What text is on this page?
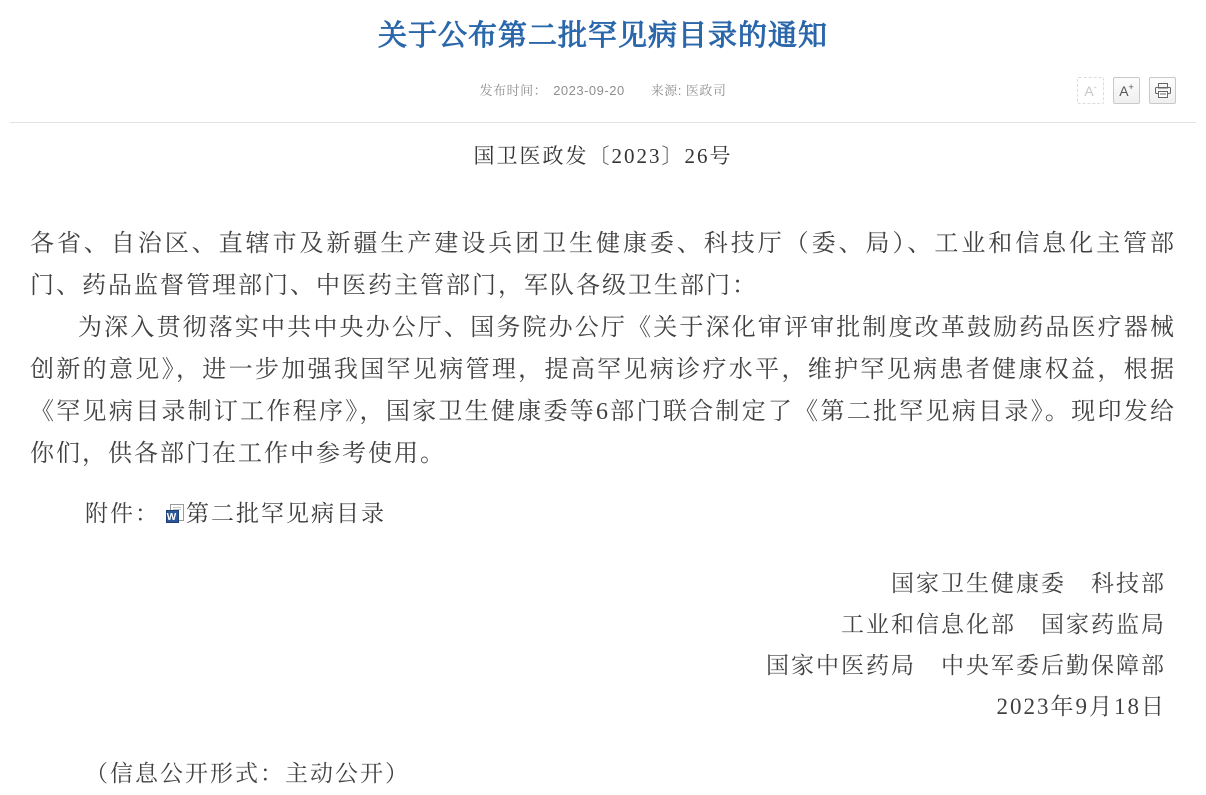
关于公布第二批罕见病目录的通知
发布时间： 2023-09-20 来源: 医政司	A- A+
国卫医政发〔2023〕26号

各省、自治区、直辖市及新疆生产建设兵团卫生健康委、科技厅（委、局）、工业和信息化主管部门、药品监督管理部门、中医药主管部门，军队各级卫生部门：

为深入贯彻落实中共中央办公厅、国务院办公厅《关于深化审评审批制度改革鼓励药品医疗器械创新的意见》，进一步加强我国罕见病管理，提高罕见病诊疗水平，维护罕见病患者健康权益，根据《罕见病目录制订工作程序》，国家卫生健康委等6部门联合制定了《第二批罕见病目录》。现印发给你们，供各部门在工作中参考使用。

附件： W 第二批罕见病目录
国家卫生健康委　科技部
工业和信息化部　国家药监局
国家中医药局　中央军委后勤保障部
2023年9月18日

（信息公开形式：主动公开）
